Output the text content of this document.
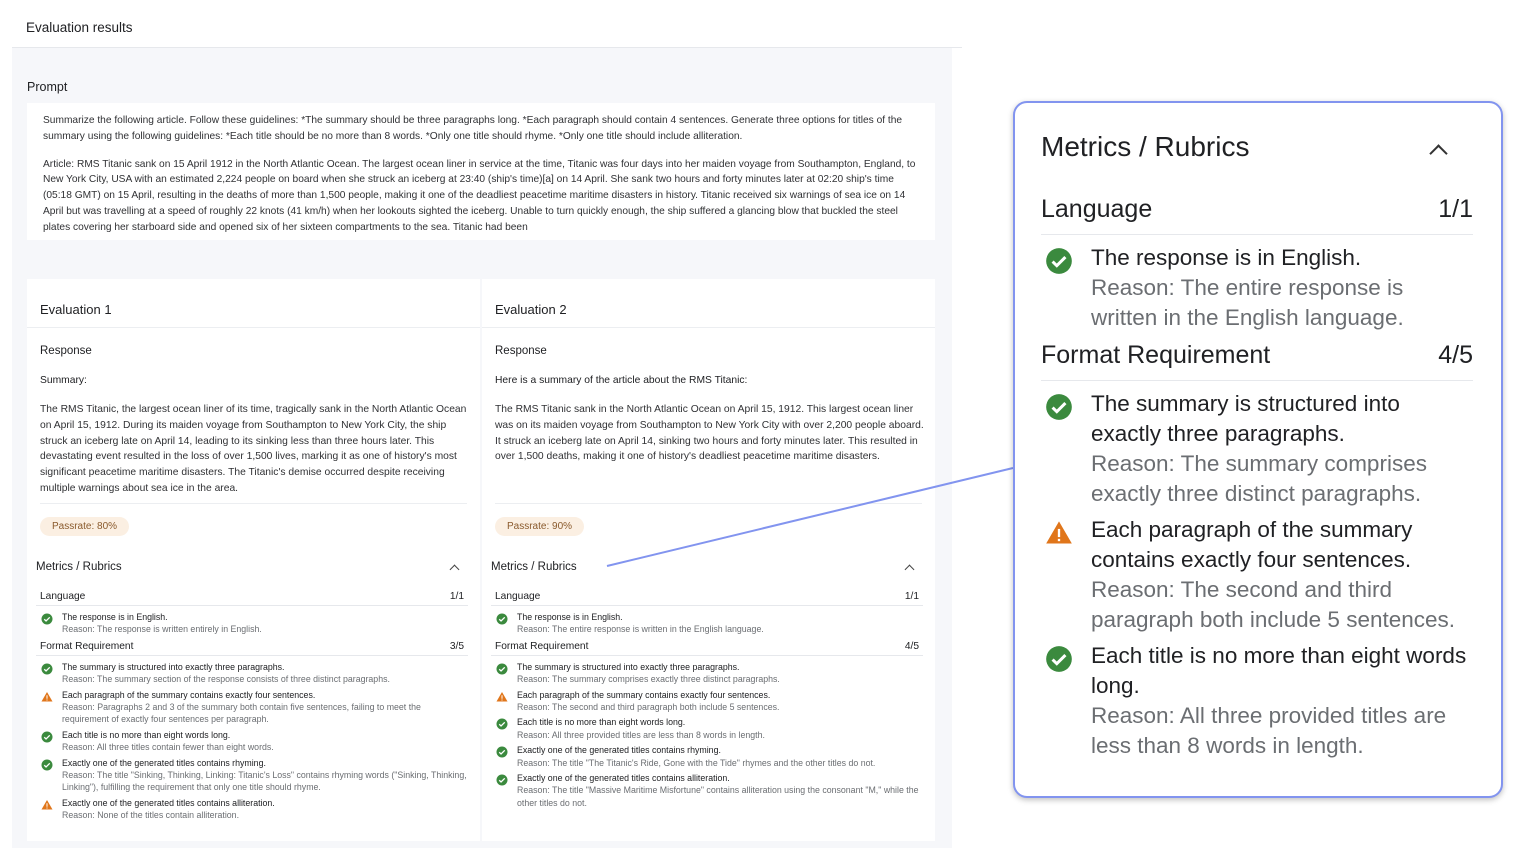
Evaluation results
Prompt

Summarize the following article. Follow these guidelines: *The summary should be three paragraphs long. *Each paragraph should contain 4 sentences. Generate three options for titles of the summary using the following guidelines: *Each title should be no more than 8 words. *Only one title should rhyme. *Only one title should include alliteration.

Article: RMS Titanic sank on 15 April 1912 in the North Atlantic Ocean. The largest ocean liner in service at the time, Titanic was four days into her maiden voyage from Southampton, England, to New York City, USA with an estimated 2,224 people on board when she struck an iceberg at 23:40 (ship's time)[a] on 14 April. She sank two hours and forty minutes later at 02:20 ship's time (05:18 GMT) on 15 April, resulting in the deaths of more than 1,500 people, making it one of the deadliest peacetime maritime disasters in history. Titanic received six warnings of sea ice on 14 April but was travelling at a speed of roughly 22 knots (41 km/h) when her lookouts sighted the iceberg. Unable to turn quickly enough, the ship suffered a glancing blow that buckled the steel plates covering her starboard side and opened six of her sixteen compartments to the sea. Titanic had been

Evaluation 1
Response
Summary:
The RMS Titanic, the largest ocean liner of its time, tragically sank in the North Atlantic Ocean on April 15, 1912. During its maiden voyage from Southampton to New York City, the ship struck an iceberg late on April 14, leading to its sinking less than three hours later. This devastating event resulted in the loss of over 1,500 lives, marking it as one of history's most significant peacetime maritime disasters. The Titanic's demise occurred despite receiving multiple warnings about sea ice in the area.
Passrate: 80%
Metrics / Rubrics
Language	1/1
The response is in English.
Reason: The response is written entirely in English.
Format Requirement	3/5
The summary is structured into exactly three paragraphs.
Reason: The summary section of the response consists of three distinct paragraphs.
Each paragraph of the summary contains exactly four sentences.
Reason: Paragraphs 2 and 3 of the summary both contain five sentences, failing to meet the requirement of exactly four sentences per paragraph.
Each title is no more than eight words long.
Reason: All three titles contain fewer than eight words.
Exactly one of the generated titles contains rhyming.
Reason: The title "Sinking, Thinking, Linking: Titanic's Loss" contains rhyming words ("Sinking, Thinking, Linking"), fulfilling the requirement that only one title should rhyme.
Exactly one of the generated titles contains alliteration.
Reason: None of the titles contain alliteration.
Evaluation 2
Response
Here is a summary of the article about the RMS Titanic:
The RMS Titanic sank in the North Atlantic Ocean on April 15, 1912. This largest ocean liner was on its maiden voyage from Southampton to New York City with over 2,200 people aboard. It struck an iceberg late on April 14, sinking two hours and forty minutes later. This resulted in over 1,500 deaths, making it one of history's deadliest peacetime maritime disasters.
Passrate: 90%
Metrics / Rubrics
Language	1/1
The response is in English.
Reason: The entire response is written in the English language.
Format Requirement	4/5
The summary is structured into exactly three paragraphs.
Reason: The summary comprises exactly three distinct paragraphs.
Each paragraph of the summary contains exactly four sentences.
Reason: The second and third paragraph both include 5 sentences.
Each title is no more than eight words long.
Reason: All three provided titles are less than 8 words in length.
Exactly one of the generated titles contains rhyming.
Reason: The title "The Titanic's Ride, Gone with the Tide" rhymes and the other titles do not.
Exactly one of the generated titles contains alliteration.
Reason: The title "Massive Maritime Misfortune" contains alliteration using the consonant "M," while the other titles do not.
Metrics / Rubrics
Language	1/1
The response is in English.
Reason: The entire response is written in the English language.
Format Requirement	4/5
The summary is structured into exactly three paragraphs.
Reason: The summary comprises exactly three distinct paragraphs.
Each paragraph of the summary contains exactly four sentences.
Reason: The second and third paragraph both include 5 sentences.
Each title is no more than eight words long.
Reason: All three provided titles are less than 8 words in length.
